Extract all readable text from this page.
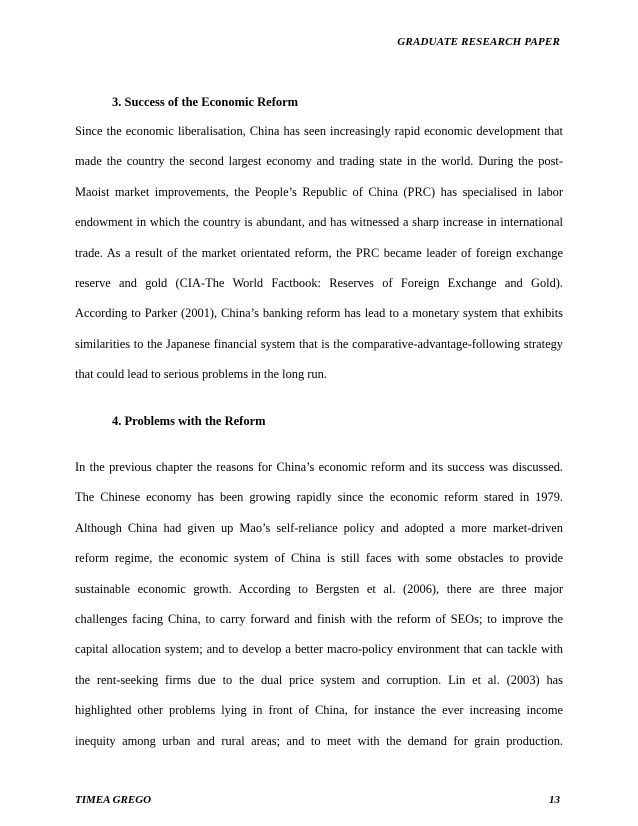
GRADUATE RESEARCH PAPER
3. Success of the Economic Reform
Since the economic liberalisation, China has seen increasingly rapid economic development that
made the country the second largest economy and trading state in the world. During the post-
Maoist market improvements, the People’s Republic of China (PRC) has specialised in labor
endowment in which the country is abundant, and has witnessed a sharp increase in international
trade. As a result of the market orientated reform, the PRC became leader of foreign exchange
reserve and gold (CIA-The World Factbook: Reserves of Foreign Exchange and Gold).
According to Parker (2001), China’s banking reform has lead to a monetary system that exhibits
similarities to the Japanese financial system that is the comparative-advantage-following strategy
that could lead to serious problems in the long run.
4. Problems with the Reform
In the previous chapter the reasons for China’s economic reform and its success was discussed.
The Chinese economy has been growing rapidly since the economic reform stared in 1979.
Although China had given up Mao’s self-reliance policy and adopted a more market-driven
reform regime, the economic system of China is still faces with some obstacles to provide
sustainable economic growth. According to Bergsten et al. (2006), there are three major
challenges facing China, to carry forward and finish with the reform of SEOs; to improve the
capital allocation system; and to develop a better macro-policy environment that can tackle with
the rent-seeking firms due to the dual price system and corruption. Lin et al. (2003) has
highlighted other problems lying in front of China, for instance the ever increasing income
inequity among urban and rural areas; and to meet with the demand for grain production.
TIMEA GREGO	13
